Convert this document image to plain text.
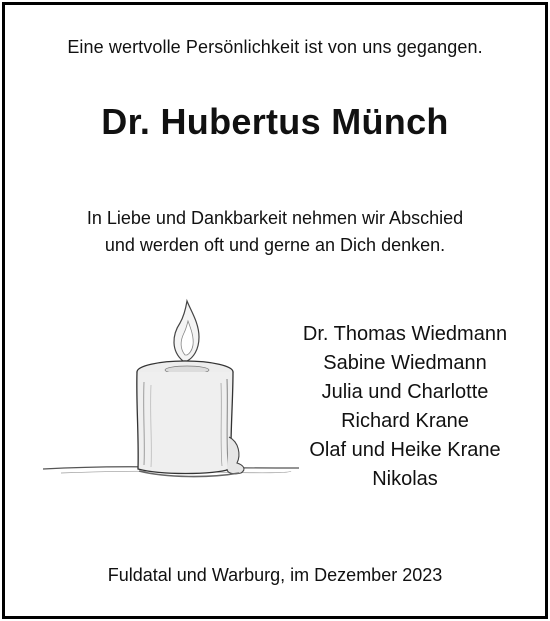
Eine wertvolle Persönlichkeit ist von uns gegangen.
Dr. Hubertus Münch
In Liebe und Dankbarkeit nehmen wir Abschied
und werden oft und gerne an Dich denken.
Dr. Thomas Wiedmann
Sabine Wiedmann
Julia und Charlotte
Richard Krane
Olaf und Heike Krane
Nikolas
Fuldatal und Warburg, im Dezember 2023
